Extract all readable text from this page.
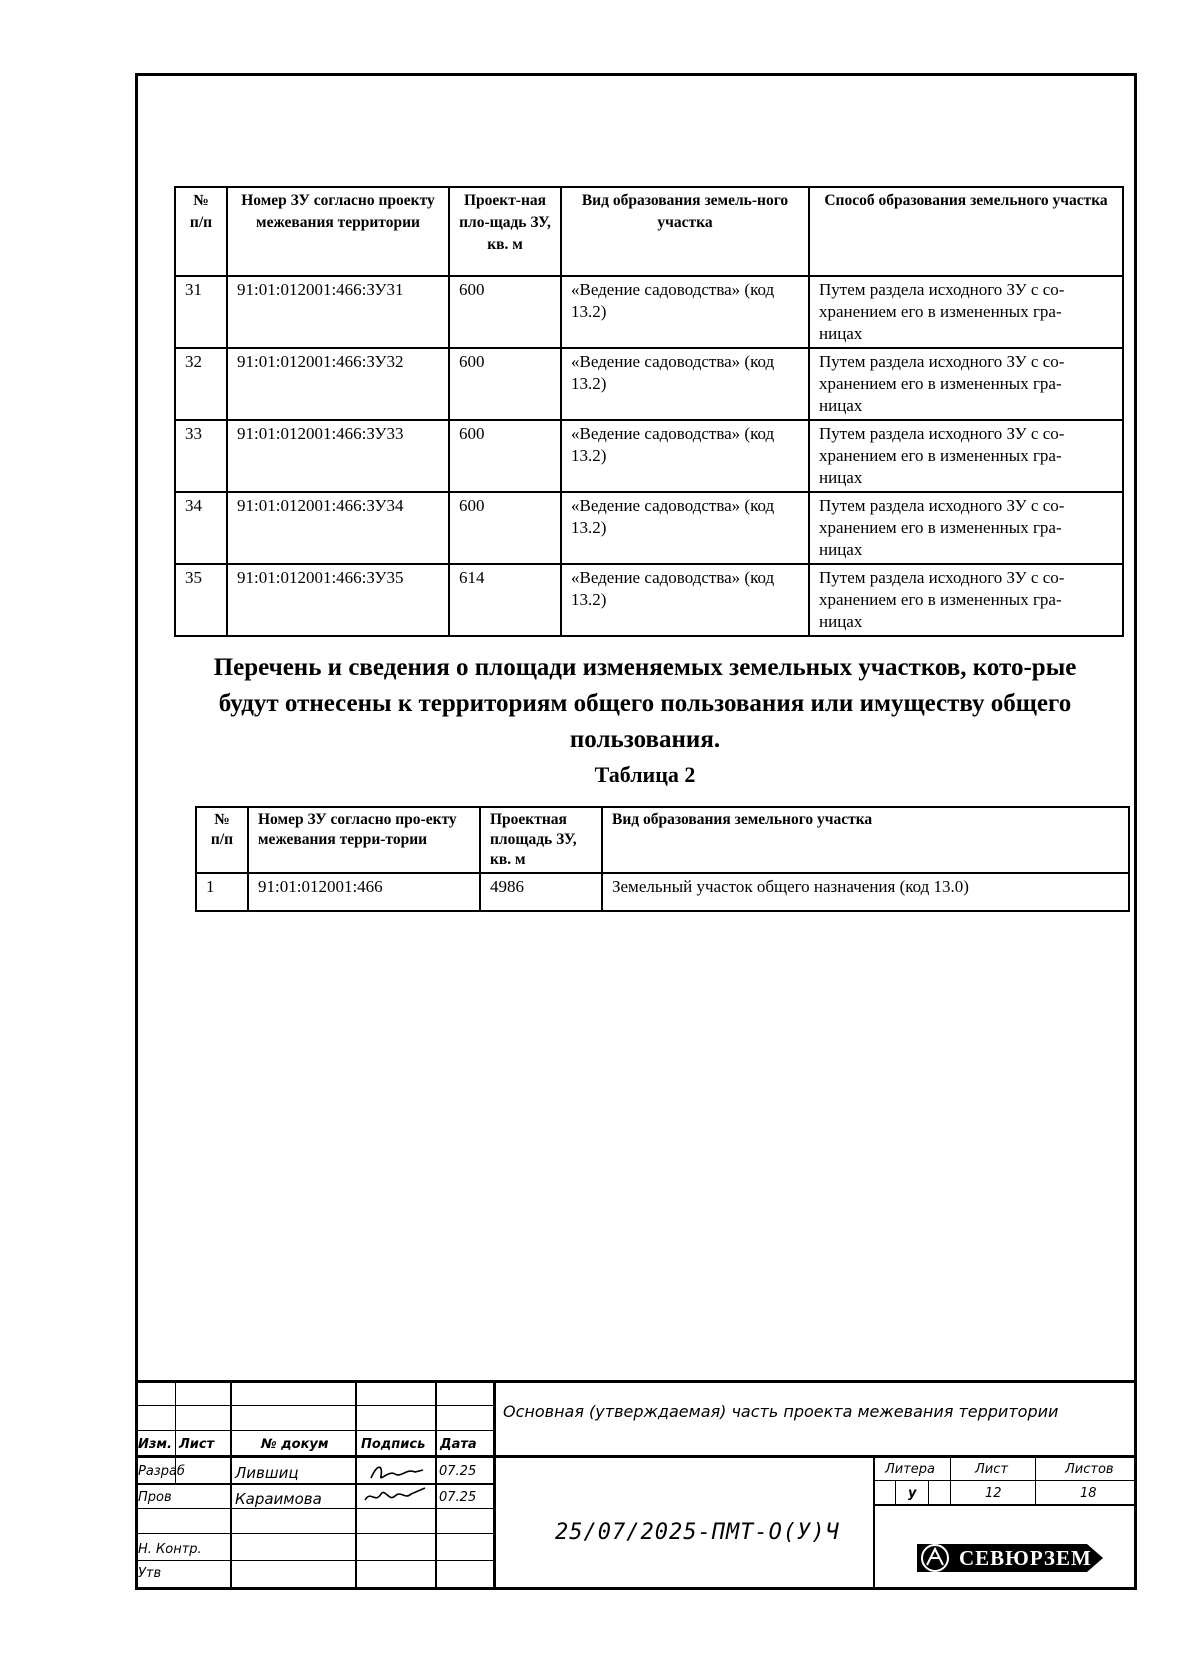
№ п/п	Номер ЗУ согласно проекту межевания территории	Проект-ная пло-щадь ЗУ, кв. м	Вид образования земель-ного участка	Способ образования земельного участка
31	91:01:012001:466:ЗУ31	600	«Ведение садоводства» (код 13.2)	Путем раздела исходного ЗУ с со-хранением его в измененных гра-ницах
32	91:01:012001:466:ЗУ32	600	«Ведение садоводства» (код 13.2)	Путем раздела исходного ЗУ с со-хранением его в измененных гра-ницах
33	91:01:012001:466:ЗУ33	600	«Ведение садоводства» (код 13.2)	Путем раздела исходного ЗУ с со-хранением его в измененных гра-ницах
34	91:01:012001:466:ЗУ34	600	«Ведение садоводства» (код 13.2)	Путем раздела исходного ЗУ с со-хранением его в измененных гра-ницах
35	91:01:012001:466:ЗУ35	614	«Ведение садоводства» (код 13.2)	Путем раздела исходного ЗУ с со-хранением его в измененных гра-ницах
Перечень и сведения о площади изменяемых земельных участков, кото-рые будут отнесены к территориям общего пользования или имуществу общего пользования.
Таблица 2
№ п/п	Номер ЗУ согласно про-екту межевания терри-тории	Проектная площадь ЗУ, кв. м	Вид образования земельного участка
1	91:01:012001:466	4986	Земельный участок общего назначения (код 13.0)
Основная (утверждаемая) часть проекта межевания территории
Изм. Лист	№ докум Подпись Дата
Разраб	Лившиц	07.25
Пров	Караимова	07.25
Н. Контр.
Утв
25/07/2025-ПМТ-О(У)Ч
Литера	Лист	Листов
у	12	18
СЕВЮРЗЕМ
